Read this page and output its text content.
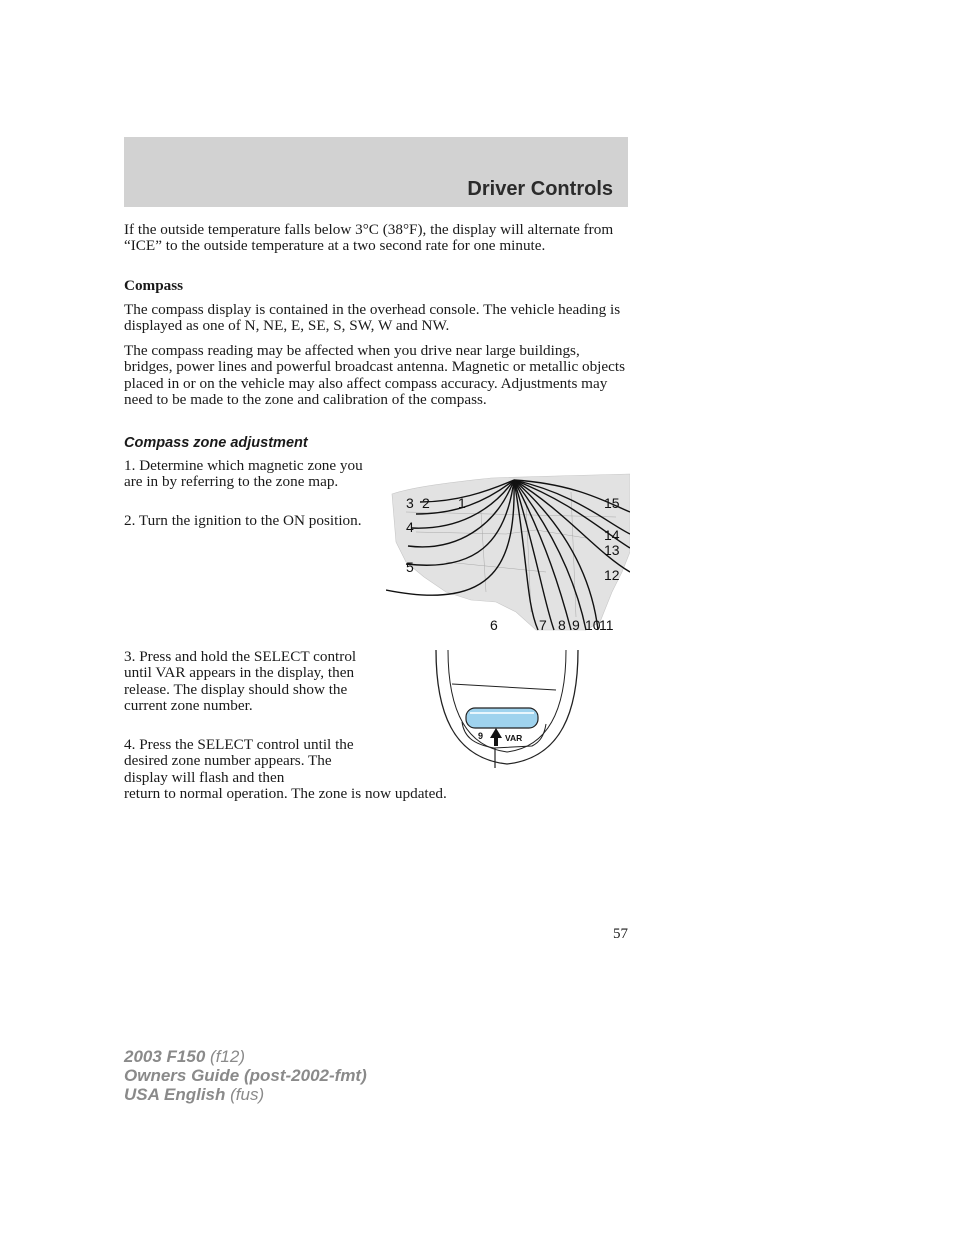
Driver Controls

If the outside temperature falls below 3°C (38°F), the display will alternate from “ICE” to the outside temperature at a two second rate for one minute.

Compass

The compass display is contained in the overhead console. The vehicle heading is displayed as one of N, NE, E, SE, S, SW, W and NW.

The compass reading may be affected when you drive near large buildings, bridges, power lines and powerful broadcast antenna. Magnetic or metallic objects placed in or on the vehicle may also affect compass accuracy. Adjustments may need to be made to the zone and calibration of the compass.

Compass zone adjustment

1. Determine which magnetic zone you are in by referring to the zone map.

2. Turn the ignition to the ON position.

3 2 1	15
4	14
13
5	12
6	7 8 9 10
11

3. Press and hold the SELECT control until VAR appears in the display, then release. The display should show the current zone number.

4. Press the SELECT control until the desired zone number appears. The display will flash and then

return to normal operation. The zone is now updated.

9	VAR
57
2003 F150 (f12)
Owners Guide (post-2002-fmt)
USA English (fus)
